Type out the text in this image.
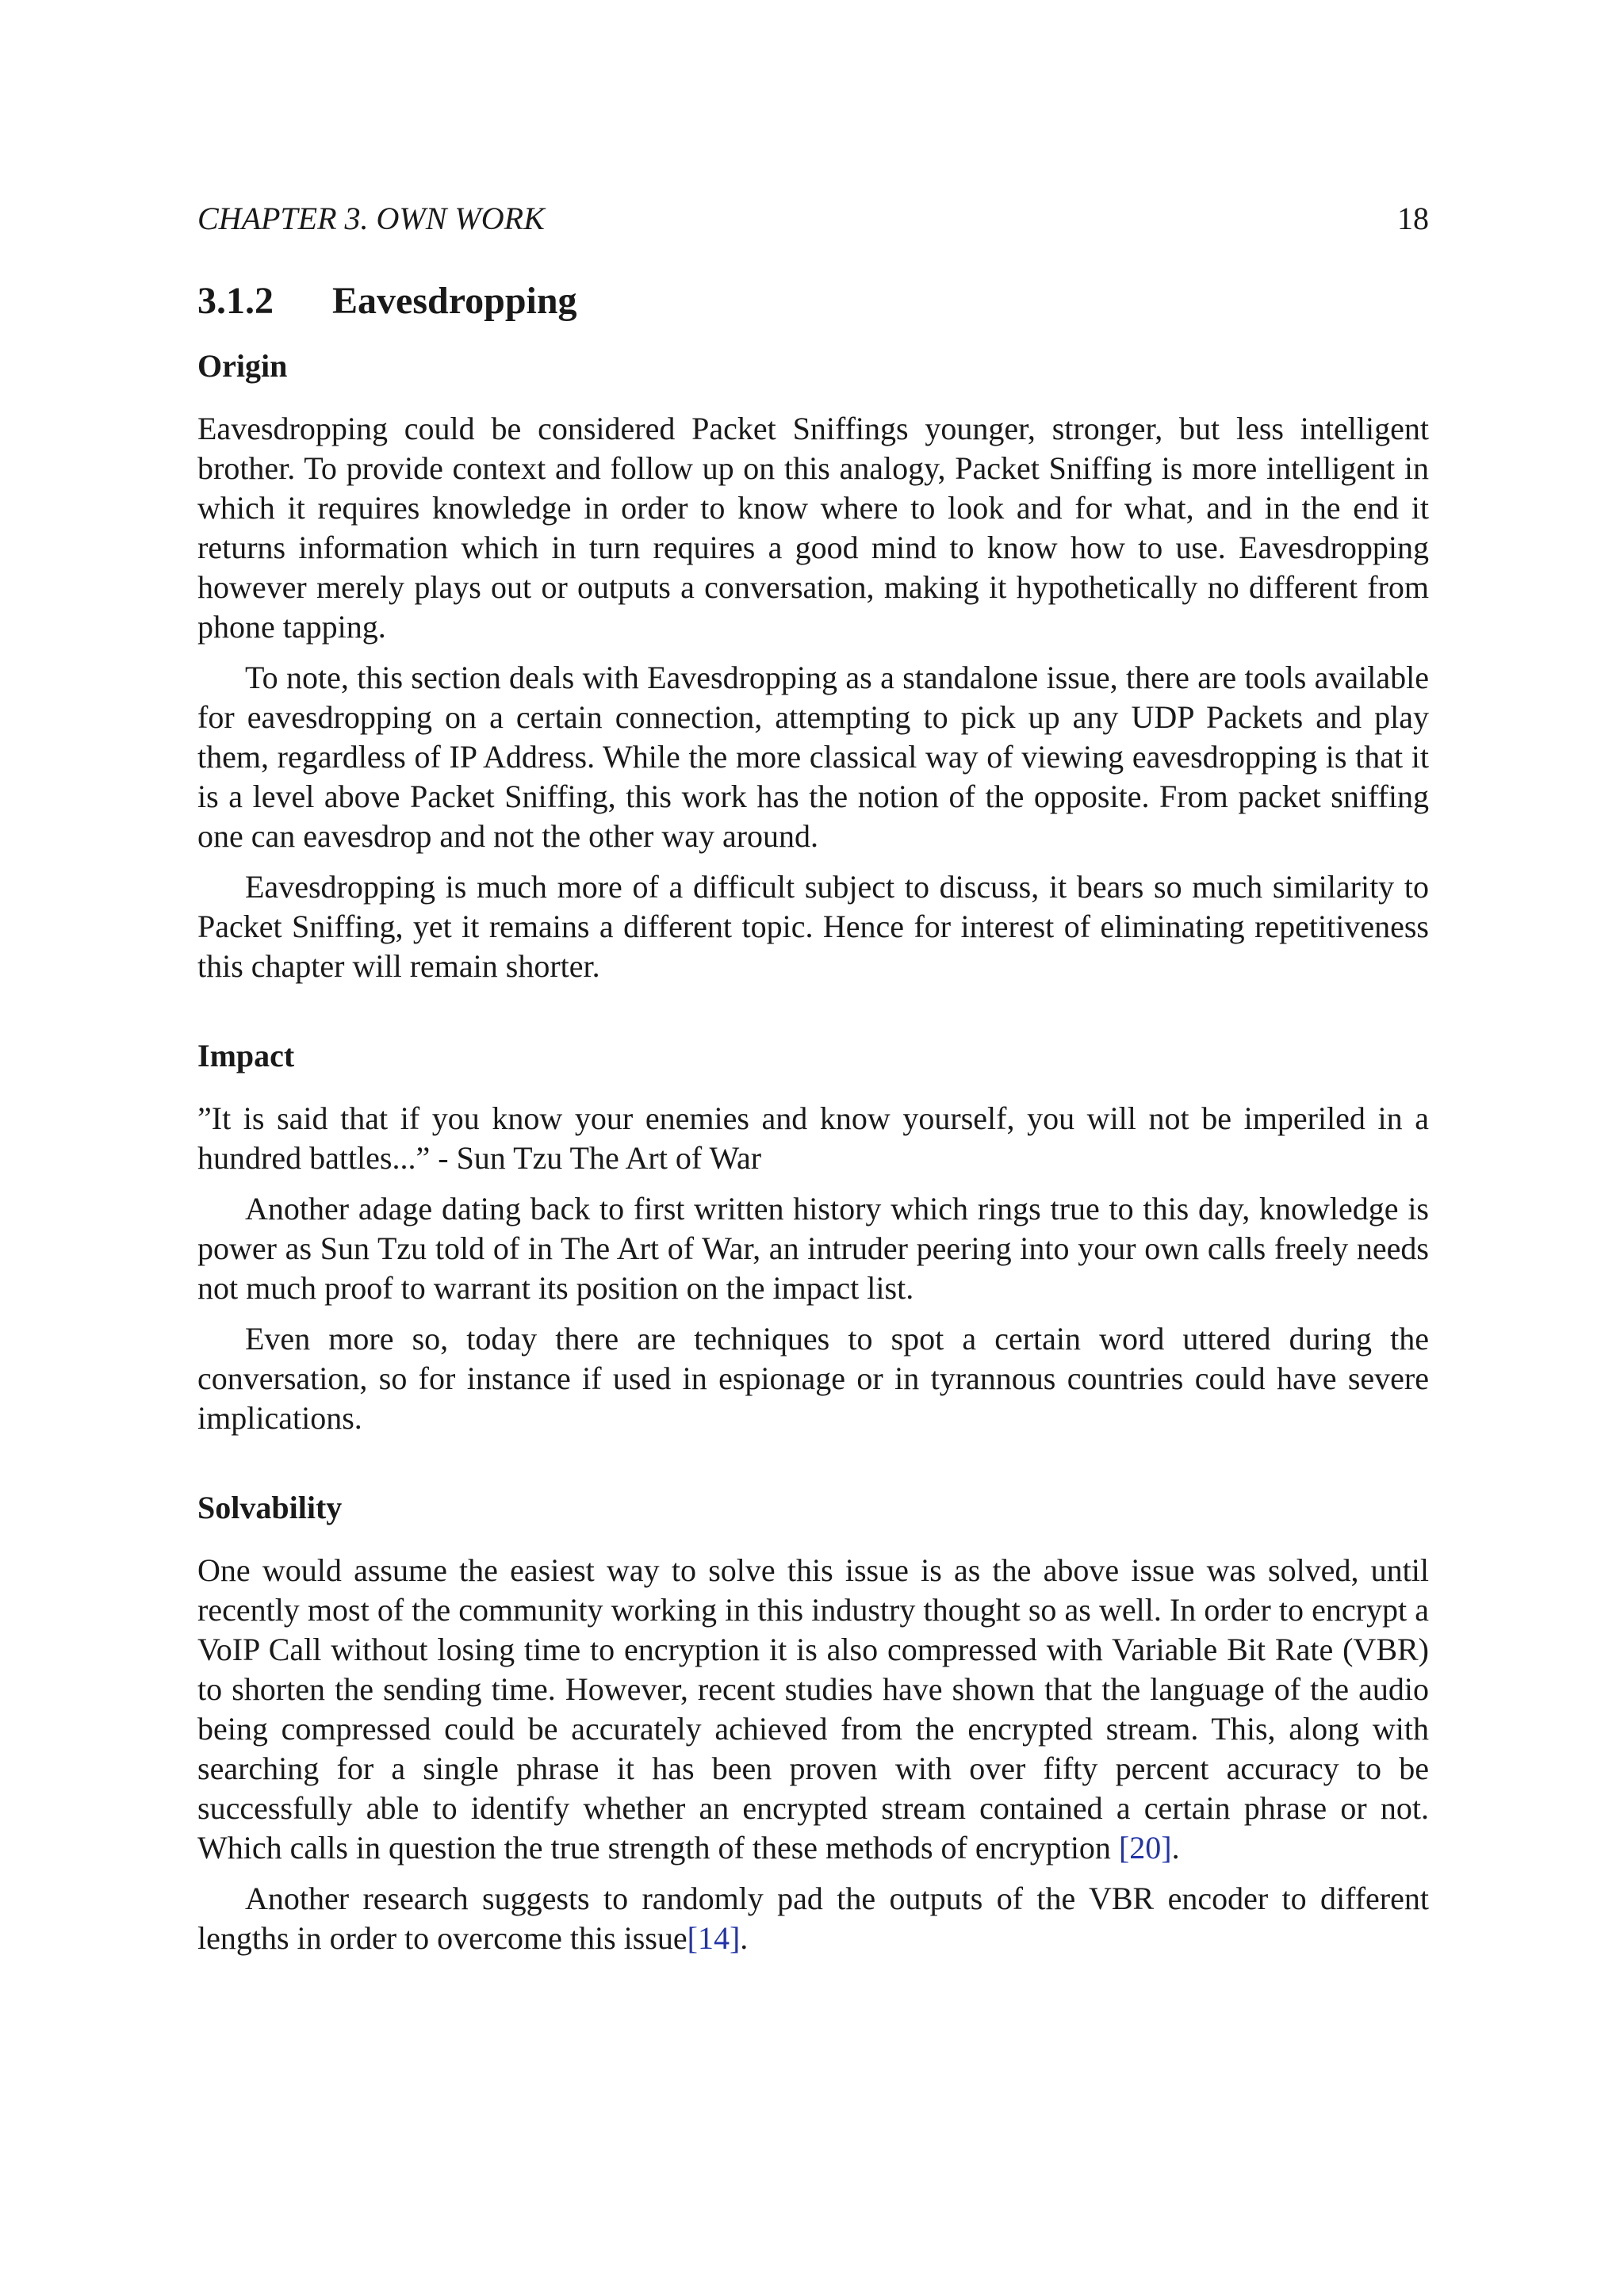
CHAPTER 3. OWN WORK	18
3.1.2 Eavesdropping
Origin

Eavesdropping could be considered Packet Sniffings younger, stronger, but less intelligent brother. To provide context and follow up on this analogy, Packet Sniffing is more intelligent in which it requires knowledge in order to know where to look and for what, and in the end it returns information which in turn requires a good mind to know how to use. Eavesdropping however merely plays out or outputs a conversation, making it hypothetically no different from phone tapping.

To note, this section deals with Eavesdropping as a standalone issue, there are tools available for eavesdropping on a certain connection, attempting to pick up any UDP Packets and play them, regardless of IP Address. While the more classical way of viewing eavesdropping is that it is a level above Packet Sniffing, this work has the notion of the opposite. From packet sniffing one can eavesdrop and not the other way around.

Eavesdropping is much more of a difficult subject to discuss, it bears so much similarity to Packet Sniffing, yet it remains a different topic. Hence for interest of eliminating repetitiveness this chapter will remain shorter.

Impact

”It is said that if you know your enemies and know yourself, you will not be imperiled in a hundred battles...” - Sun Tzu The Art of War

Another adage dating back to first written history which rings true to this day, knowledge is power as Sun Tzu told of in The Art of War, an intruder peering into your own calls freely needs not much proof to warrant its position on the impact list.

Even more so, today there are techniques to spot a certain word uttered during the conversation, so for instance if used in espionage or in tyrannous countries could have severe implications.

Solvability

One would assume the easiest way to solve this issue is as the above issue was solved, until recently most of the community working in this industry thought so as well. In order to encrypt a VoIP Call without losing time to encryption it is also compressed with Variable Bit Rate (VBR) to shorten the sending time. However, recent studies have shown that the language of the audio being compressed could be accurately achieved from the encrypted stream. This, along with searching for a single phrase it has been proven with over fifty percent accuracy to be successfully able to identify whether an encrypted stream contained a certain phrase or not. Which calls in question the true strength of these methods of encryption [20].

Another research suggests to randomly pad the outputs of the VBR encoder to different lengths in order to overcome this issue[14].
